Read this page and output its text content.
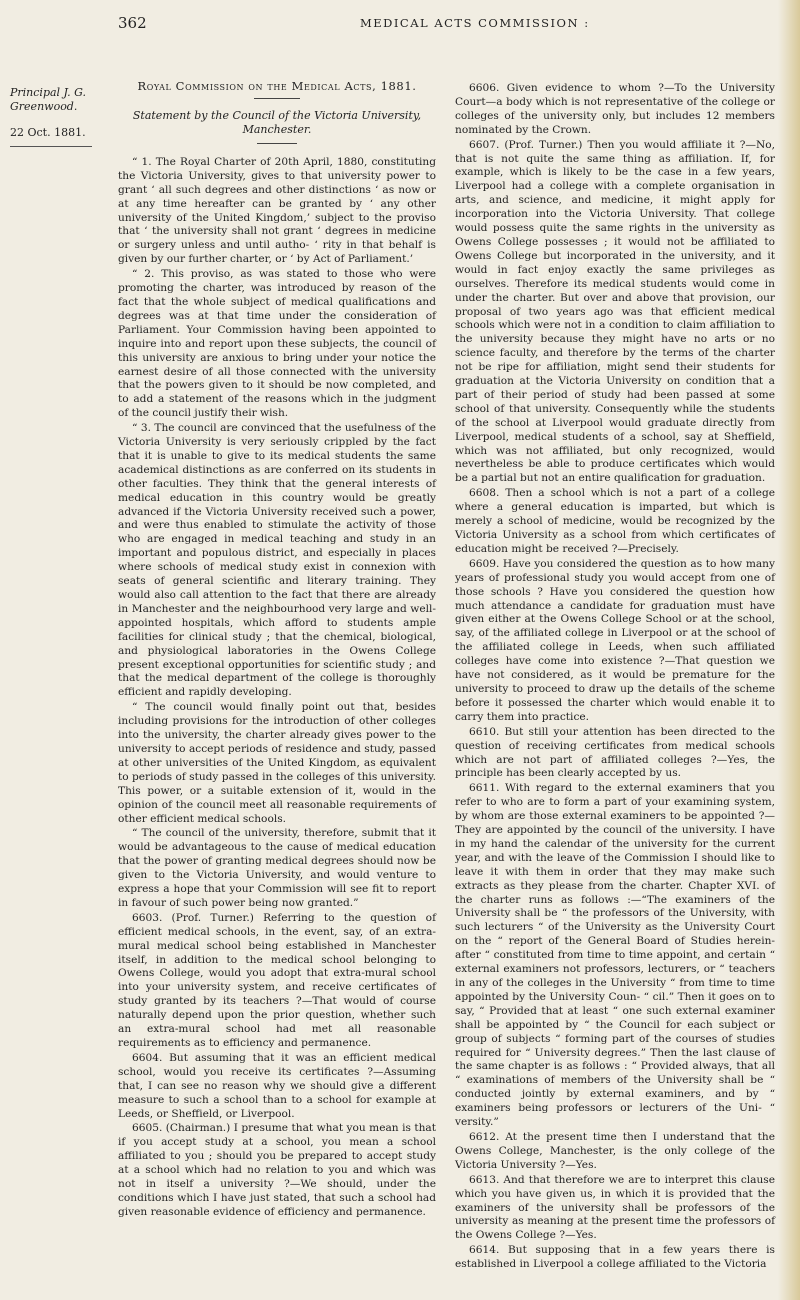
362	MEDICAL ACTS COMMISSION :
Principal J. G. Greenwood.
22 Oct. 1881.
Royal Commission on the Medical Acts, 1881.
Statement by the Council of the Victoria University, Manchester.

“ 1. The Royal Charter of 20th April, 1880, constituting the Victoria University, gives to that university power to grant ‘ all such degrees and other distinctions ‘ as now or at any time hereafter can be granted by ‘ any other university of the United Kingdom,’ subject to the proviso that ‘ the university shall not grant ‘ degrees in medicine or surgery unless and until autho- ‘ rity in that behalf is given by our further charter, or ‘ by Act of Parliament.’

“ 2. This proviso, as was stated to those who were promoting the charter, was introduced by reason of the fact that the whole subject of medical qualifications and degrees was at that time under the consideration of Parliament. Your Commission having been appointed to inquire into and report upon these subjects, the council of this university are anxious to bring under your notice the earnest desire of all those connected with the university that the powers given to it should be now completed, and to add a statement of the reasons which in the judgment of the council justify their wish.

“ 3. The council are convinced that the usefulness of the Victoria University is very seriously crippled by the fact that it is unable to give to its medical students the same academical distinctions as are conferred on its students in other faculties. They think that the general interests of medical education in this country would be greatly advanced if the Victoria University received such a power, and were thus enabled to stimulate the activity of those who are engaged in medical teaching and study in an important and populous district, and especially in places where schools of medical study exist in connexion with seats of general scientific and literary training. They would also call attention to the fact that there are already in Manchester and the neighbourhood very large and well-appointed hospitals, which afford to students ample facilities for clinical study ; that the chemical, biological, and physiological laboratories in the Owens College present exceptional opportunities for scientific study ; and that the medical department of the college is thoroughly efficient and rapidly developing.

“ The council would finally point out that, besides including provisions for the introduction of other colleges into the university, the charter already gives power to the university to accept periods of residence and study, passed at other universities of the United Kingdom, as equivalent to periods of study passed in the colleges of this university. This power, or a suitable extension of it, would in the opinion of the council meet all reasonable requirements of other efficient medical schools.

“ The council of the university, therefore, submit that it would be advantageous to the cause of medical education that the power of granting medical degrees should now be given to the Victoria University, and would venture to express a hope that your Commission will see fit to report in favour of such power being now granted.”

6603. (Prof. Turner.) Referring to the question of efficient medical schools, in the event, say, of an extra-mural medical school being established in Manchester itself, in addition to the medical school belonging to Owens College, would you adopt that extra-mural school into your university system, and receive certificates of study granted by its teachers ?—That would of course naturally depend upon the prior question, whether such an extra-mural school had met all reasonable requirements as to efficiency and permanence.

6604. But assuming that it was an efficient medical school, would you receive its certificates ?—Assuming that, I can see no reason why we should give a different measure to such a school than to a school for example at Leeds, or Sheffield, or Liverpool.

6605. (Chairman.) I presume that what you mean is that if you accept study at a school, you mean a school affiliated to you ; should you be prepared to accept study at a school which had no relation to you and which was not in itself a university ?—We should, under the conditions which I have just stated, that such a school had given reasonable evidence of efficiency and permanence.

6606. Given evidence to whom ?—To the University Court—a body which is not representative of the college or colleges of the university only, but includes 12 members nominated by the Crown.

6607. (Prof. Turner.) Then you would affiliate it ?—No, that is not quite the same thing as affiliation. If, for example, which is likely to be the case in a few years, Liverpool had a college with a complete organisation in arts, and science, and medicine, it might apply for incorporation into the Victoria University. That college would possess quite the same rights in the university as Owens College possesses ; it would not be affiliated to Owens College but incorporated in the university, and it would in fact enjoy exactly the same privileges as ourselves. Therefore its medical students would come in under the charter. But over and above that provision, our proposal of two years ago was that efficient medical schools which were not in a condition to claim affiliation to the university because they might have no arts or no science faculty, and therefore by the terms of the charter not be ripe for affiliation, might send their students for graduation at the Victoria University on condition that a part of their period of study had been passed at some school of that university. Consequently while the students of the school at Liverpool would graduate directly from Liverpool, medical students of a school, say at Sheffield, which was not affiliated, but only recognized, would nevertheless be able to produce certificates which would be a partial but not an entire qualification for graduation.

6608. Then a school which is not a part of a college where a general education is imparted, but which is merely a school of medicine, would be recognized by the Victoria University as a school from which certificates of education might be received ?—Precisely.

6609. Have you considered the question as to how many years of professional study you would accept from one of those schools ? Have you considered the question how much attendance a candidate for graduation must have given either at the Owens College School or at the school, say, of the affiliated college in Liverpool or at the school of the affiliated college in Leeds, when such affiliated colleges have come into existence ?—That question we have not considered, as it would be premature for the university to proceed to draw up the details of the scheme before it possessed the charter which would enable it to carry them into practice.

6610. But still your attention has been directed to the question of receiving certificates from medical schools which are not part of affiliated colleges ?—Yes, the principle has been clearly accepted by us.

6611. With regard to the external examiners that you refer to who are to form a part of your examining system, by whom are those external examiners to be appointed ?—They are appointed by the council of the university. I have in my hand the calendar of the university for the current year, and with the leave of the Commission I should like to leave it with them in order that they may make such extracts as they please from the charter. Chapter XVI. of the charter runs as follows :—“The examiners of the University shall be “ the professors of the University, with such lecturers “ of the University as the University Court on the “ report of the General Board of Studies herein-after “ constituted from time to time appoint, and certain “ external examiners not professors, lecturers, or “ teachers in any of the colleges in the University “ from time to time appointed by the University Coun- “ cil.” Then it goes on to say, “ Provided that at least “ one such external examiner shall be appointed by “ the Council for each subject or group of subjects “ forming part of the courses of studies required for “ University degrees.” Then the last clause of the same chapter is as follows : “ Provided always, that all “ examinations of members of the University shall be “ conducted jointly by external examiners, and by “ examiners being professors or lecturers of the Uni- “ versity.”

6612. At the present time then I understand that the Owens College, Manchester, is the only college of the Victoria University ?—Yes.

6613. And that therefore we are to interpret this clause which you have given us, in which it is provided that the examiners of the university shall be professors of the university as meaning at the present time the professors of the Owens College ?—Yes.

6614. But supposing that in a few years there is established in Liverpool a college affiliated to the Victoria
